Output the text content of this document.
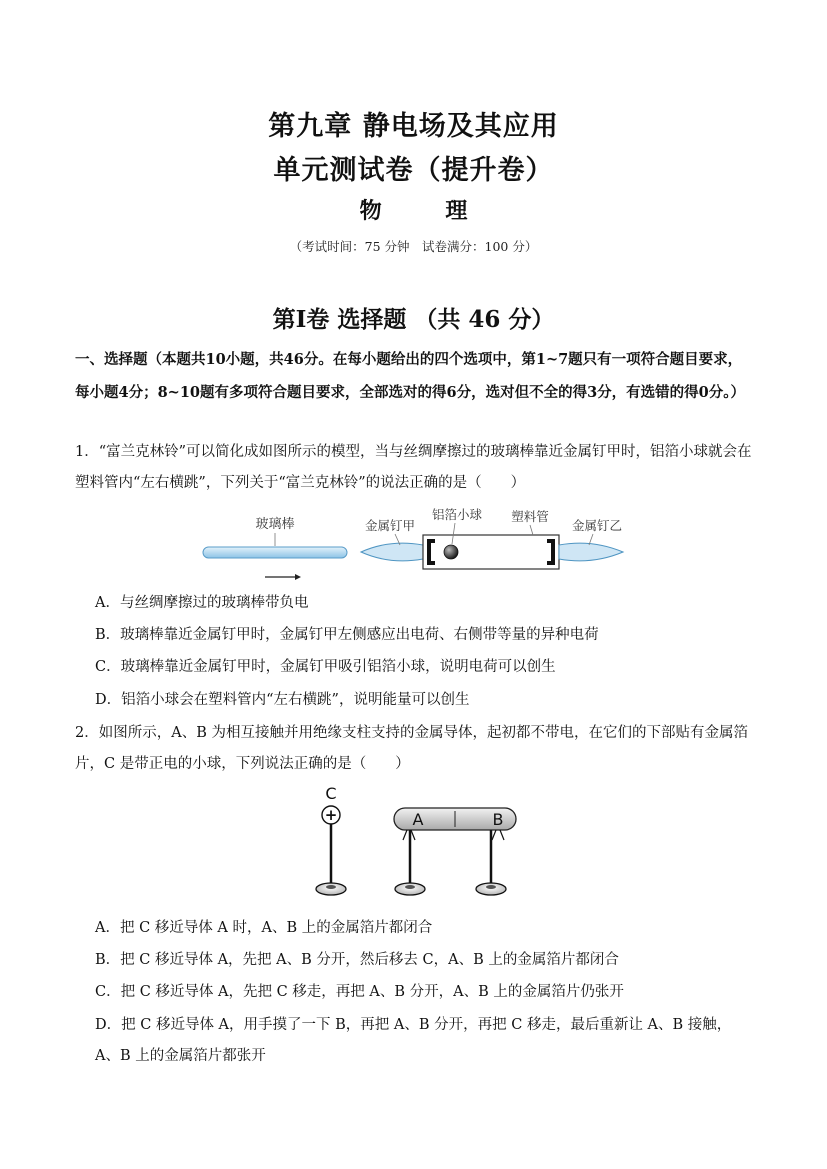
第九章 静电场及其应用
单元测试卷（提升卷）
物 理
（考试时间：75 分钟　试卷满分：100 分）
第Ⅰ卷 选择题 （共 46 分）
一、选择题（本题共10小题，共46分。在每小题给出的四个选项中，第1~7题只有一项符合题目要求，每小题4分；8~10题有多项符合题目要求，全部选对的得6分，选对但不全的得3分，有选错的得0分。）
1．“富兰克林铃”可以简化成如图所示的模型，当与丝绸摩擦过的玻璃棒靠近金属钉甲时，铝箔小球就会在塑料管内“左右横跳”，下列关于“富兰克林铃”的说法正确的是（　　）
玻璃棒	金属钉甲
塑料管
铝箔小球
金属钉乙
A．与丝绸摩擦过的玻璃棒带负电
B．玻璃棒靠近金属钉甲时，金属钉甲左侧感应出电荷、右侧带等量的异种电荷
C．玻璃棒靠近金属钉甲时，金属钉甲吸引铝箔小球，说明电荷可以创生
D．铝箔小球会在塑料管内“左右横跳”，说明能量可以创生
2．如图所示，A、B 为相互接触并用绝缘支柱支持的金属导体，起初都不带电，在它们的下部贴有金属箔片，C 是带正电的小球，下列说法正确的是（　　）
C
+	A	B
A．把 C 移近导体 A 时，A、B 上的金属箔片都闭合
B．把 C 移近导体 A，先把 A、B 分开，然后移去 C，A、B 上的金属箔片都闭合
C．把 C 移近导体 A，先把 C 移走，再把 A、B 分开，A、B 上的金属箔片仍张开
D．把 C 移近导体 A，用手摸了一下 B，再把 A、B 分开，再把 C 移走，最后重新让 A、B 接触，A、B 上的金属箔片都张开
